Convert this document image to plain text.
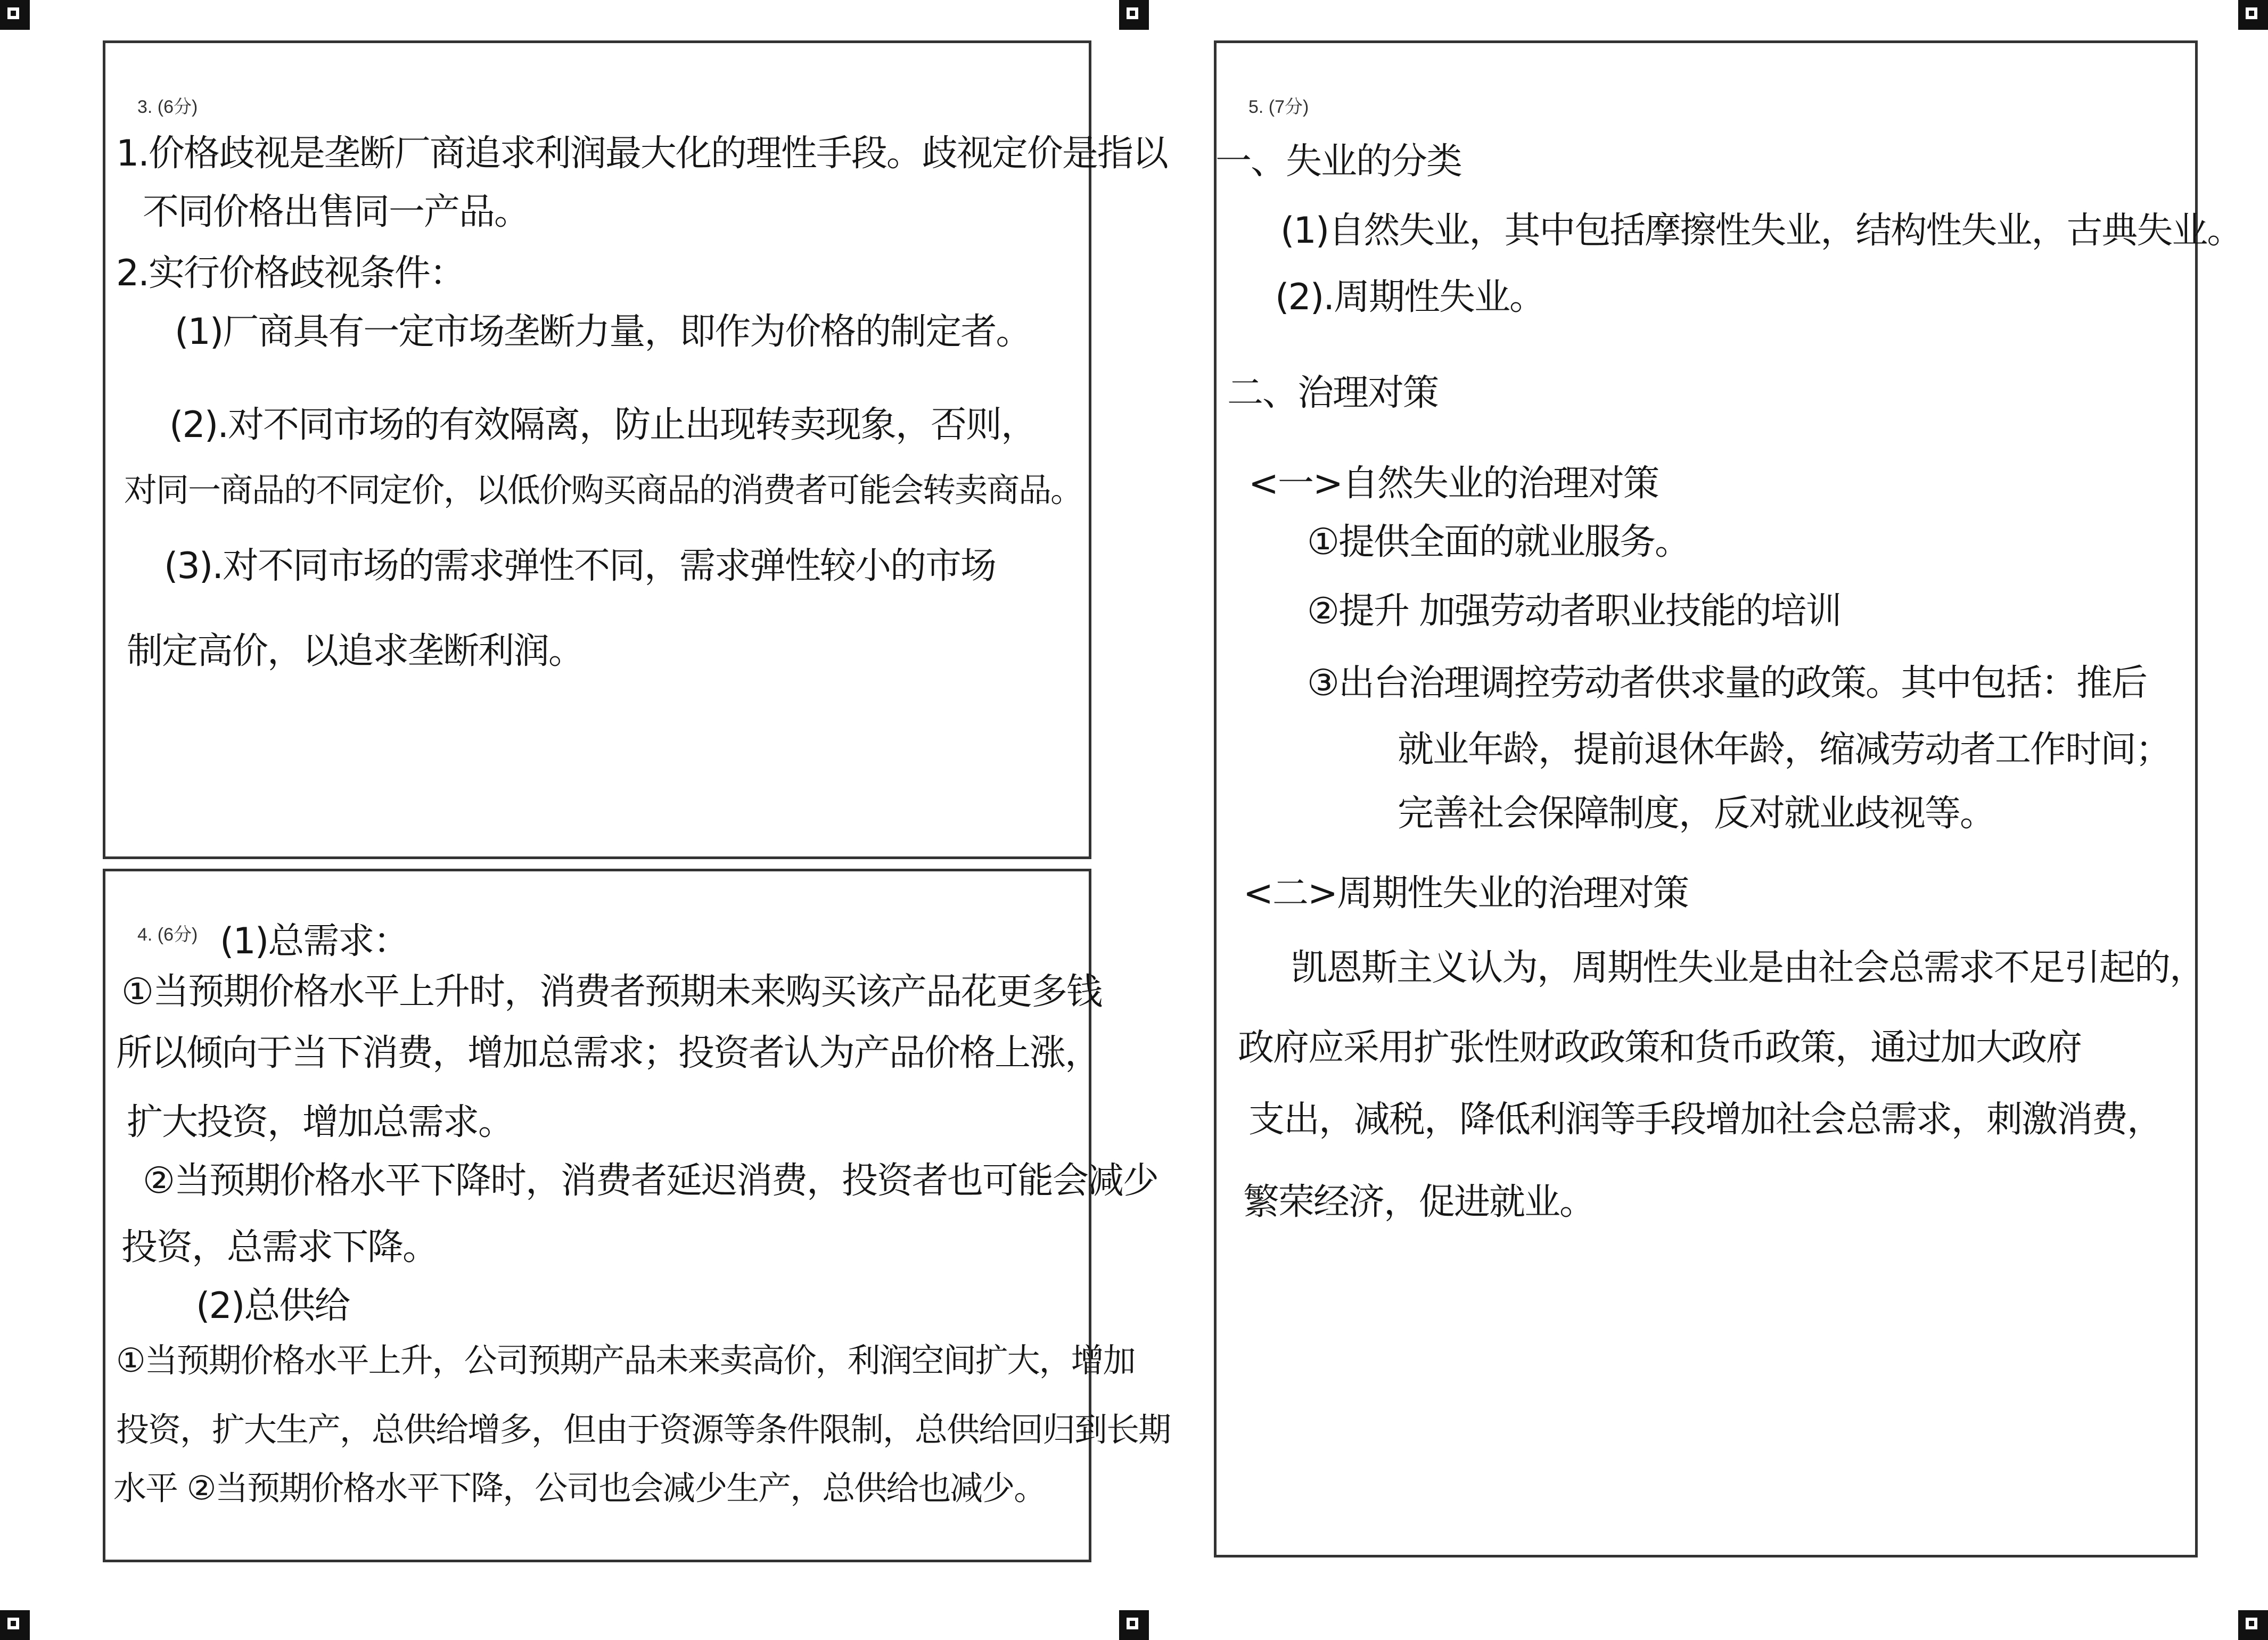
3. (6分)
1.价格歧视是垄断厂商追求利润最大化的理性手段。歧视定价是指以
不同价格出售同一产品。
2.实行价格歧视条件：
(1)厂商具有一定市场垄断力量，即作为价格的制定者。
(2).对不同市场的有效隔离，防止出现转卖现象，否则，
对同一商品的不同定价，以低价购买商品的消费者可能会转卖商品。
(3).对不同市场的需求弹性不同，需求弹性较小的市场
制定高价，以追求垄断利润。
4. (6分) (1)总需求：
①当预期价格水平上升时，消费者预期未来购买该产品花更多钱
所以倾向于当下消费，增加总需求；投资者认为产品价格上涨，
扩大投资，增加总需求。
②当预期价格水平下降时，消费者延迟消费，投资者也可能会减少
投资，总需求下降。
(2)总供给
①当预期价格水平上升，公司预期产品未来卖高价，利润空间扩大，增加
投资，扩大生产，总供给增多，但由于资源等条件限制，总供给回归到长期
水平 ②当预期价格水平下降，公司也会减少生产，总供给也减少。
5. (7分)
一、失业的分类
(1)自然失业，其中包括摩擦性失业，结构性失业，古典失业。
(2).周期性失业。
二、治理对策
<一>自然失业的治理对策
①提供全面的就业服务。
②提升 加强劳动者职业技能的培训
③出台治理调控劳动者供求量的政策。其中包括：推后
就业年龄，提前退休年龄，缩减劳动者工作时间；
完善社会保障制度，反对就业歧视等。
<二>周期性失业的治理对策
凯恩斯主义认为，周期性失业是由社会总需求不足引起的，
政府应采用扩张性财政政策和货币政策，通过加大政府
支出，减税，降低利润等手段增加社会总需求，刺激消费，
繁荣经济，促进就业。
